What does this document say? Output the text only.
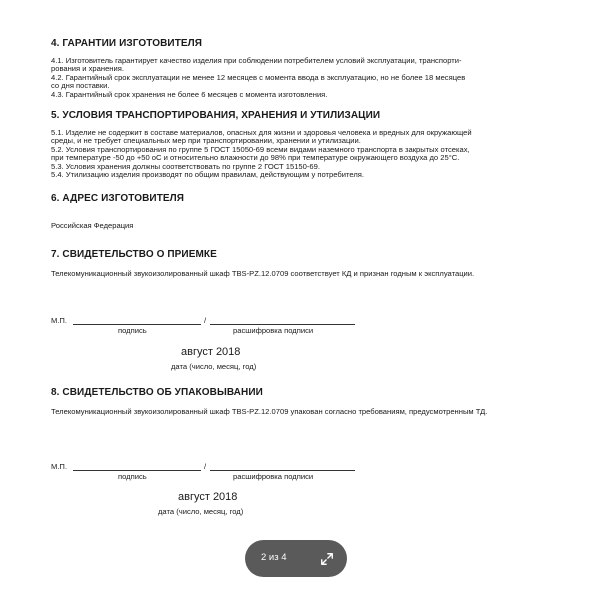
4. ГАРАНТИИ ИЗГОТОВИТЕЛЯ
4.1. Изготовитель гарантирует качество изделия при соблюдении потребителем условий эксплуатации, транспорти-
рования и хранения.
4.2. Гарантийный срок эксплуатации не менее 12 месяцев с момента ввода в эксплуатацию, но не более 18 месяцев
со дня поставки.
4.3. Гарантийный срок хранения не более 6 месяцев с момента изготовления.
5. УСЛОВИЯ ТРАНСПОРТИРОВАНИЯ, ХРАНЕНИЯ И УТИЛИЗАЦИИ
5.1. Изделие не содержит в составе материалов, опасных для жизни и здоровья человека и вредных для окружающей
среды, и не требует специальных мер при транспортировании, хранении и утилизации.
5.2. Условия транспортирования по группе 5 ГОСТ 15050-69 всеми видами наземного транспорта в закрытых отсеках,
при температуре -50 до +50 оС и относительно влажности до 98% при температуре окружающего воздуха до 25°С.
5.3. Условия хранения должны соответствовать по группе 2 ГОСТ 15150-69.
5.4. Утилизацию изделия производят по общим правилам, действующим у потребителя.
6. АДРЕС ИЗГОТОВИТЕЛЯ
Российская Федерация
7. СВИДЕТЕЛЬСТВО О ПРИЕМКЕ
Телекомуникационный звукоизолированный шкаф TBS-PZ.12.0709 соответствует КД и признан годным к эксплуатации.
М.П.	/
подпись	расшифровка подписи
август 2018
дата (число, месяц, год)
8. СВИДЕТЕЛЬСТВО ОБ УПАКОВЫВАНИИ
Телекомуникационный звукоизолированный шкаф TBS-PZ.12.0709 упакован согласно требованиям, предусмотренным ТД.
М.П.	/
подпись	расшифровка подписи
август 2018
дата (число, месяц, год)
2 из 4
